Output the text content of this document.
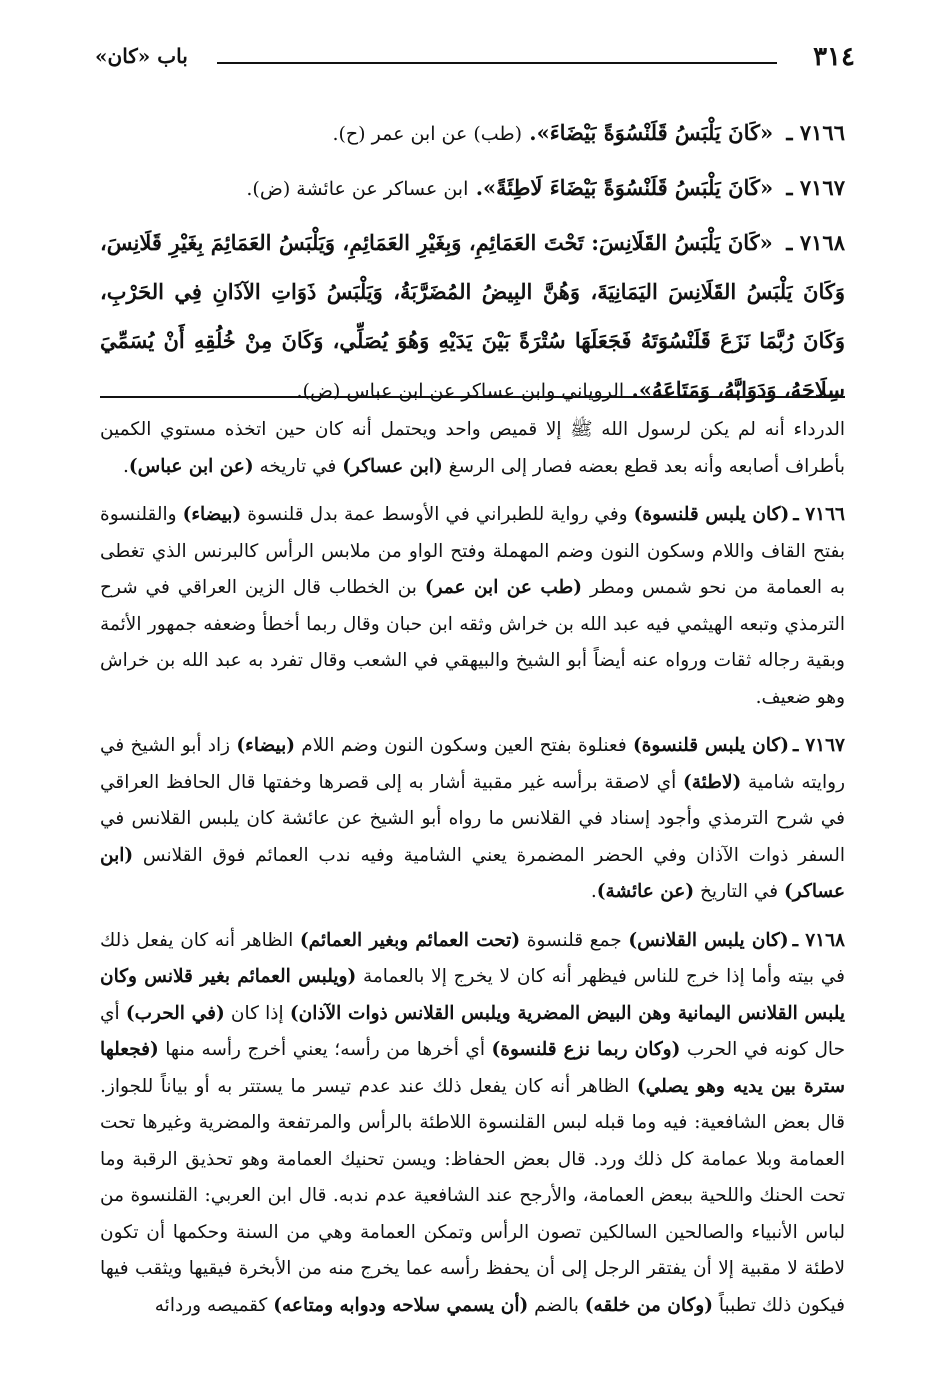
٣١٤
باب «كان»

٧١٦٦ ـ «كَانَ يَلْبَسُ قَلَنْسُوَةً بَيْضَاءَ». (طب) عن ابن عمر (ح).

٧١٦٧ ـ «كَانَ يَلْبَسُ قَلَنْسُوَةً بَيْضَاءَ لَاطِئَةً». ابن عساكر عن عائشة (ض).

٧١٦٨ ـ «كَانَ يَلْبَسُ القَلَانِسَ: تَحْتَ العَمَائِمِ، وَبِغَيْرِ العَمَائِمِ، وَيَلْبَسُ العَمَائِمَ بِغَيْرِ قَلَانِسَ، وَكَانَ يَلْبَسُ القَلَانِسَ اليَمَانِيَةَ، وَهُنَّ البِيضُ المُضَرَّبَةُ، وَيَلْبَسُ ذَوَاتِ الآذَانِ فِي الحَرْبِ، وَكَانَ رُبَّمَا نَزَعَ قَلَنْسُوَتَهُ فَجَعَلَهَا سُتْرَةً بَيْنَ يَدَيْهِ وَهُوَ يُصَلِّي، وَكَانَ مِنْ خُلُقِهِ أَنْ يُسَمِّيَ سِلَاحَهُ، وَدَوَابَّهُ، وَمَتَاعَهُ». الروياني وابن عساكر عن ابن عباس (ض).

الدرداء أنه لم يكن لرسول الله ﷺ إلا قميص واحد ويحتمل أنه كان حين اتخذه مستوي الكمين بأطراف أصابعه وأنه بعد قطع بعضه فصار إلى الرسغ (ابن عساكر) في تاريخه (عن ابن عباس).

٧١٦٦ ـ(كان يلبس قلنسوة) وفي رواية للطبراني في الأوسط عمة بدل قلنسوة (بيضاء) والقلنسوة بفتح القاف واللام وسكون النون وضم المهملة وفتح الواو من ملابس الرأس كالبرنس الذي تغطى به العمامة من نحو شمس ومطر (طب عن ابن عمر) بن الخطاب قال الزين العراقي في شرح الترمذي وتبعه الهيثمي فيه عبد الله بن خراش وثقه ابن حبان وقال ربما أخطأ وضعفه جمهور الأئمة وبقية رجاله ثقات ورواه عنه أيضاً أبو الشيخ والبيهقي في الشعب وقال تفرد به عبد الله بن خراش وهو ضعيف.

٧١٦٧ ـ(كان يلبس قلنسوة) فعنلوة بفتح العين وسكون النون وضم اللام (بيضاء) زاد أبو الشيخ في روايته شامية (لاطئة) أي لاصقة برأسه غير مقبية أشار به إلى قصرها وخفتها قال الحافظ العراقي في شرح الترمذي وأجود إسناد في القلانس ما رواه أبو الشيخ عن عائشة كان يلبس القلانس في السفر ذوات الآذان وفي الحضر المضمرة يعني الشامية وفيه ندب العمائم فوق القلانس (ابن عساكر) في التاريخ (عن عائشة).

٧١٦٨ ـ(كان يلبس القلانس) جمع قلنسوة (تحت العمائم وبغير العمائم) الظاهر أنه كان يفعل ذلك في بيته وأما إذا خرج للناس فيظهر أنه كان لا يخرج إلا بالعمامة (ويلبس العمائم بغير قلانس وكان يلبس القلانس اليمانية وهن البيض المضرية ويلبس القلانس ذوات الآذان) إذا كان (في الحرب) أي حال كونه في الحرب (وكان ربما نزع قلنسوة) أي أخرها من رأسه؛ يعني أخرج رأسه منها (فجعلها سترة بين يديه وهو يصلي) الظاهر أنه كان يفعل ذلك عند عدم تيسر ما يستتر به أو بياناً للجواز. قال بعض الشافعية: فيه وما قبله لبس القلنسوة اللاطئة بالرأس والمرتفعة والمضرية وغيرها تحت العمامة وبلا عمامة كل ذلك ورد. قال بعض الحفاظ: ويسن تحنيك العمامة وهو تحذيق الرقبة وما تحت الحنك واللحية ببعض العمامة، والأرجح عند الشافعية عدم ندبه. قال ابن العربي: القلنسوة من لباس الأنبياء والصالحين السالكين تصون الرأس وتمكن العمامة وهي من السنة وحكمها أن تكون لاطئة لا مقبية إلا أن يفتقر الرجل إلى أن يحفظ رأسه عما يخرج منه من الأبخرة فيقيها ويثقب فيها فيكون ذلك تطبباً (وكان من خلقه) بالضم (أن يسمي سلاحه ودوابه ومتاعه) كقميصه وردائه
